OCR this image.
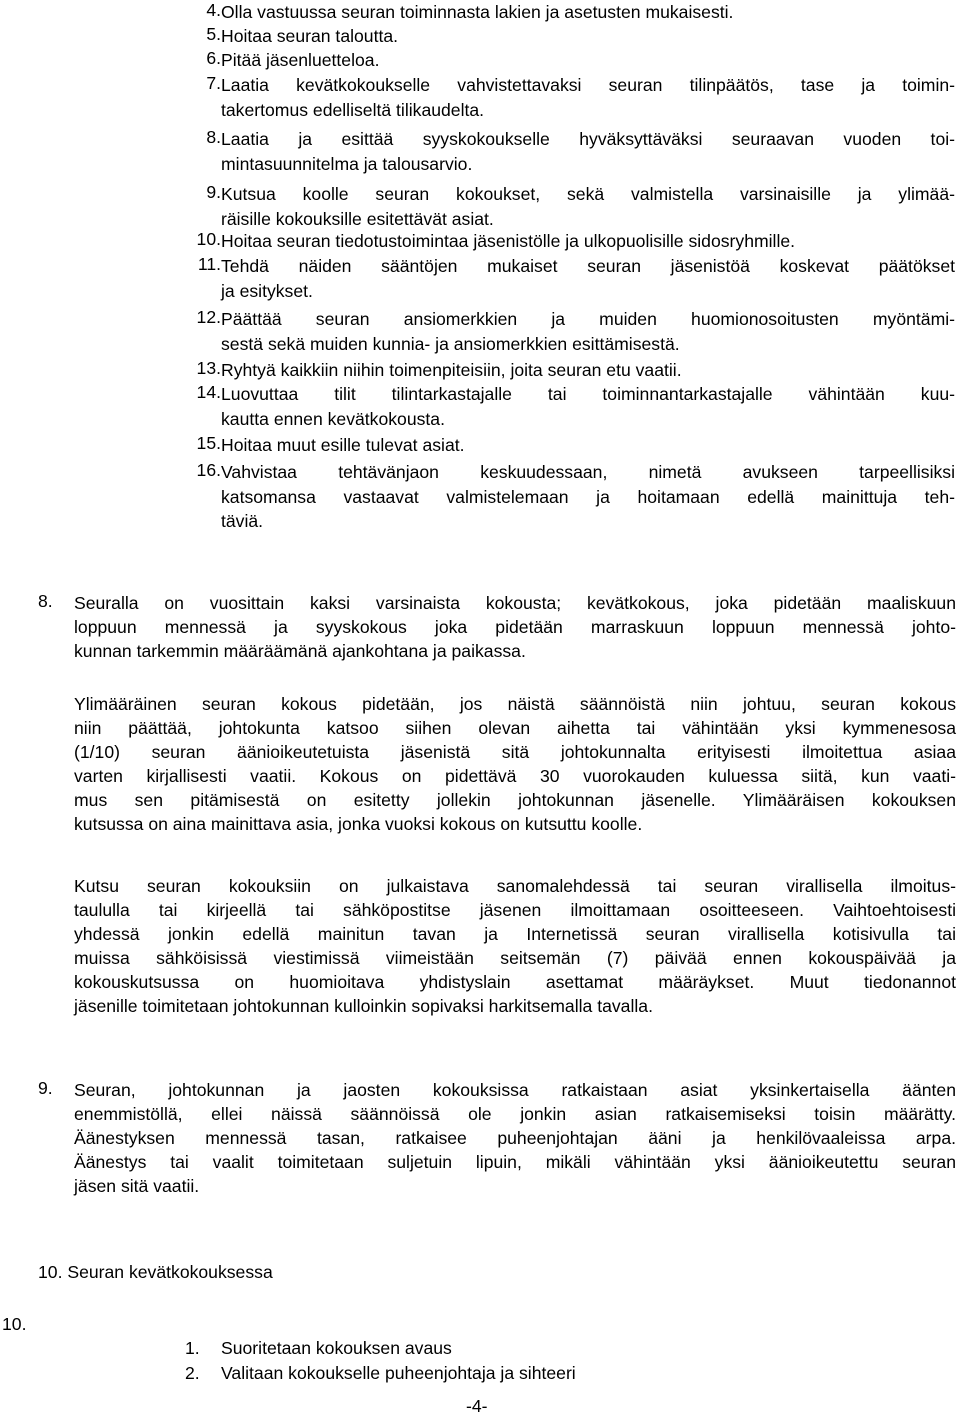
4. Olla vastuussa seuran toiminnasta lakien ja asetusten mukaisesti.
5. Hoitaa seuran taloutta.
6. Pitää jäsenluetteloa.
7. Laatia kevätkokoukselle vahvistettavaksi seuran tilinpäätös, tase ja toimin-
takertomus edelliseltä tilikaudelta.
8. Laatia ja esittää syyskokoukselle hyväksyttäväksi seuraavan vuoden toi-
mintasuunnitelma ja talousarvio.
9. Kutsua koolle seuran kokoukset, sekä valmistella varsinaisille ja ylimää-
räisille kokouksille esitettävät asiat.
10. Hoitaa seuran tiedotustoimintaa jäsenistölle ja ulkopuolisille sidosryhmille.
11. Tehdä näiden sääntöjen mukaiset seuran jäsenistöä koskevat päätökset
ja esitykset.
12. Päättää seuran ansiomerkkien ja muiden huomionosoitusten myöntämi-
sestä sekä muiden kunnia- ja ansiomerkkien esittämisestä.
13. Ryhtyä kaikkiin niihin toimenpiteisiin, joita seuran etu vaatii.
14. Luovuttaa tilit tilintarkastajalle tai toiminnantarkastajalle vähintään kuu-
kautta ennen kevätkokousta.
15. Hoitaa muut esille tulevat asiat.
16. Vahvistaa tehtävänjaon keskuudessaan, nimetä avukseen tarpeellisiksi
katsomansa vastaavat valmistelemaan ja hoitamaan edellä mainittuja teh-
täviä.
8. Seuralla on vuosittain kaksi varsinaista kokousta; kevätkokous, joka pidetään maaliskuun
loppuun mennessä ja syyskokous joka pidetään marraskuun loppuun mennessä johto-
kunnan tarkemmin määräämänä ajankohtana ja paikassa.
Ylimääräinen seuran kokous pidetään, jos näistä säännöistä niin johtuu, seuran kokous
niin päättää, johtokunta katsoo siihen olevan aihetta tai vähintään yksi kymmenesosa
(1/10) seuran äänioikeutetuista jäsenistä sitä johtokunnalta erityisesti ilmoitettua asiaa
varten kirjallisesti vaatii. Kokous on pidettävä 30 vuorokauden kuluessa siitä, kun vaati-
mus sen pitämisestä on esitetty jollekin johtokunnan jäsenelle. Ylimääräisen kokouksen
kutsussa on aina mainittava asia, jonka vuoksi kokous on kutsuttu koolle.
Kutsu seuran kokouksiin on julkaistava sanomalehdessä tai seuran virallisella ilmoitus-
taululla tai kirjeellä tai sähköpostitse jäsenen ilmoittamaan osoitteeseen. Vaihtoehtoisesti
yhdessä jonkin edellä mainitun tavan ja Internetissä seuran virallisella kotisivulla tai
muissa sähköisissä viestimissä viimeistään seitsemän (7) päivää ennen kokouspäivää ja
kokouskutsussa on huomioitava yhdistyslain asettamat määräykset. Muut tiedonannot
jäsenille toimitetaan johtokunnan kulloinkin sopivaksi harkitsemalla tavalla.
9. Seuran, johtokunnan ja jaosten kokouksissa ratkaistaan asiat yksinkertaisella äänten
enemmistöllä, ellei näissä säännöissä ole jonkin asian ratkaisemiseksi toisin määrätty.
Äänestyksen mennessä tasan, ratkaisee puheenjohtajan ääni ja henkilövaaleissa arpa.
Äänestys tai vaalit toimitetaan suljetuin lipuin, mikäli vähintään yksi äänioikeutettu seuran
jäsen sitä vaatii.
10. Seuran kevätkokouksessa
10.
1. Suoritetaan kokouksen avaus
2. Valitaan kokoukselle puheenjohtaja ja sihteeri
-4-
